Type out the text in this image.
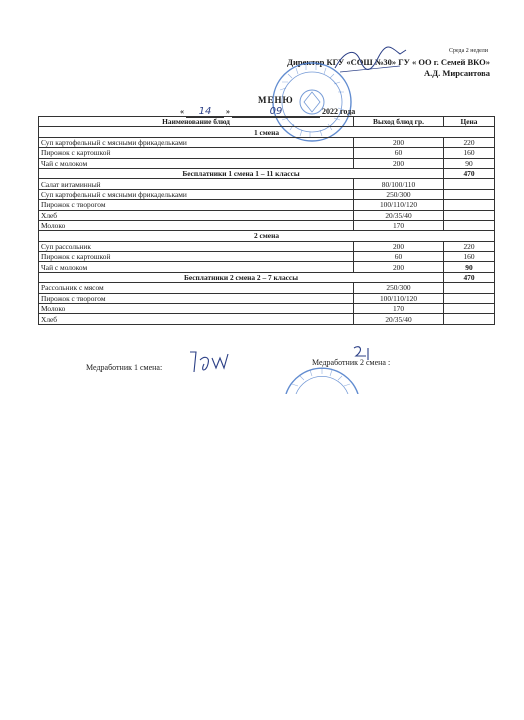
Среда 2 недели
Директор КГУ «СОШ №30» ГУ « ОО г. Семей ВКО»
А.Д. Мирсаитова
МЕНЮ
« 14 »	09	2022 года
Наименование блюд	Выход блюд гр.	Цена
1 смена		
Суп картофельный с мясными фрикадельками	200	220
Пирожок с картошкой	60	160
Чай с молоком	200	90
Бесплатники 1 смена 1 – 11 классы		470
Салат витаминный	80/100/110	
Суп картофельный с мясными фрикадельками	250/300	
Пирожок с творогом	100/110/120	
Хлеб	20/35/40	
Молоко	170	
2 смена		
Суп рассольник	200	220
Пирожок с картошкой	60	160
Чай с молоком	200	90
Бесплатники 2 смена 2 – 7 классы		470
Рассольник с мясом	250/300	
Пирожок с творогом	100/110/120	
Молоко	170	
Хлеб	20/35/40	
Медработник 1 смена:
Медработник 2 смена :
